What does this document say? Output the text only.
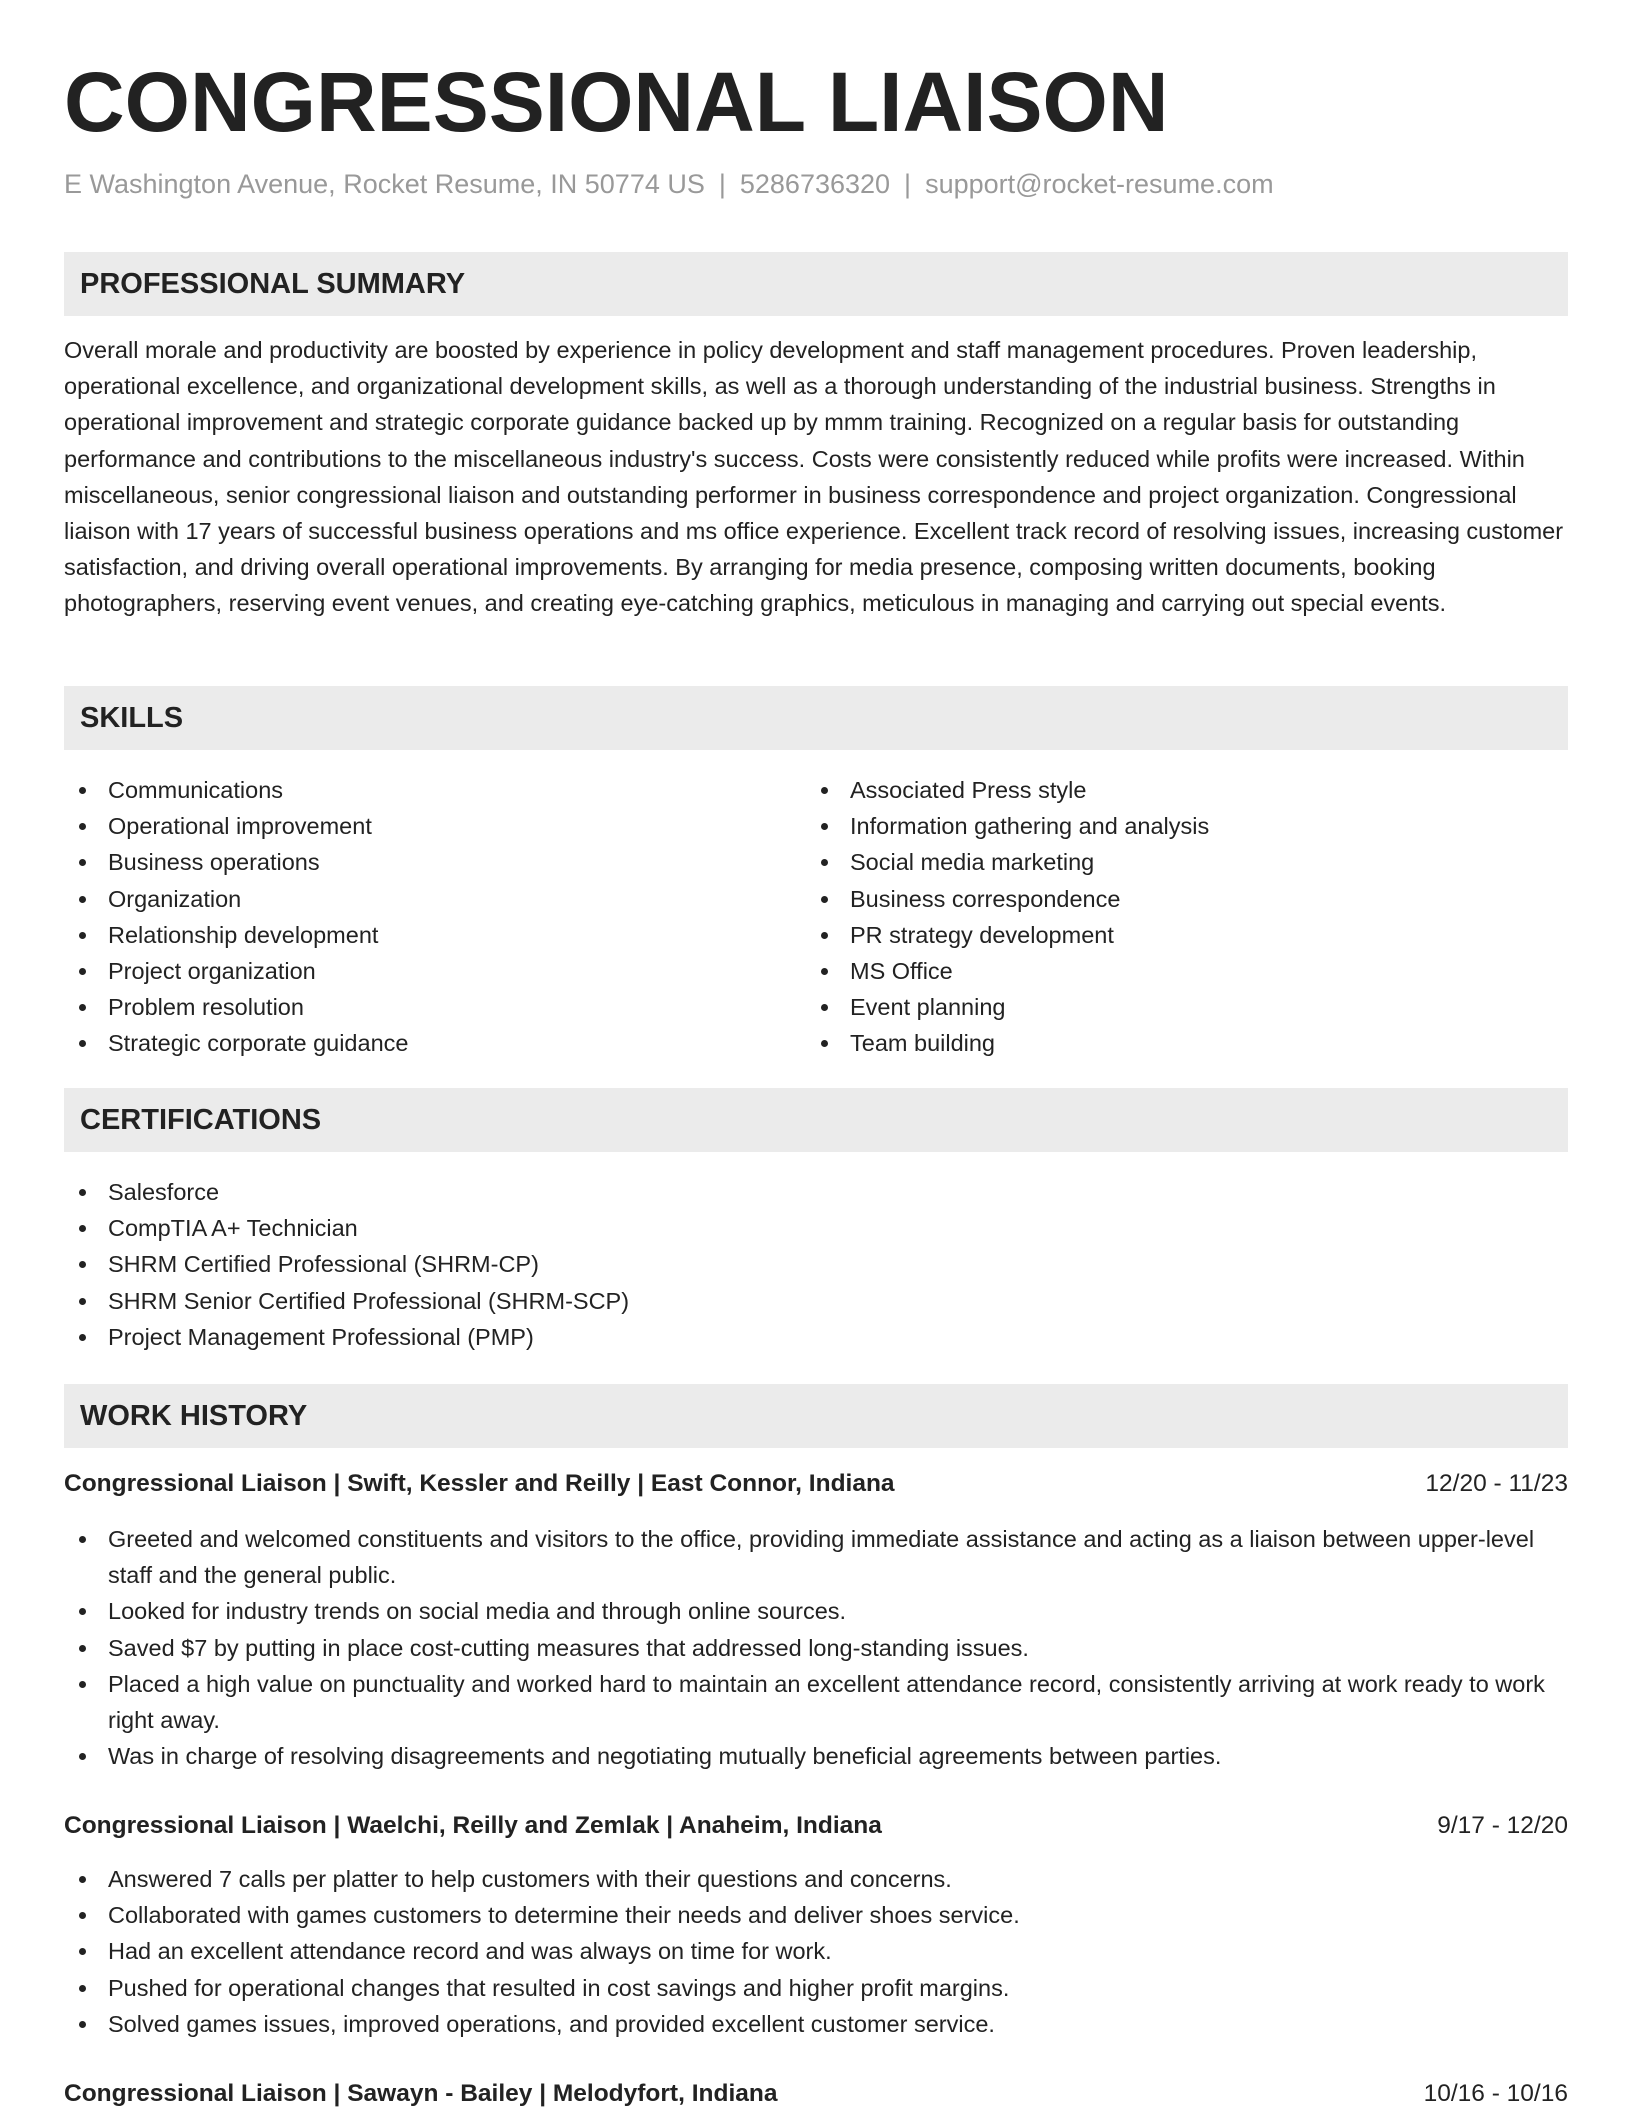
CONGRESSIONAL LIAISON
E Washington Avenue, Rocket Resume, IN 50774 US | 5286736320 | support@rocket-resume.com
PROFESSIONAL SUMMARY

Overall morale and productivity are boosted by experience in policy development and staff management procedures. Proven leadership, operational excellence, and organizational development skills, as well as a thorough understanding of the industrial business. Strengths in operational improvement and strategic corporate guidance backed up by mmm training. Recognized on a regular basis for outstanding performance and contributions to the miscellaneous industry's success. Costs were consistently reduced while profits were increased. Within miscellaneous, senior congressional liaison and outstanding performer in business correspondence and project organization. Congressional liaison with 17 years of successful business operations and ms office experience. Excellent track record of resolving issues, increasing customer satisfaction, and driving overall operational improvements. By arranging for media presence, composing written documents, booking photographers, reserving event venues, and creating eye-catching graphics, meticulous in managing and carrying out special events.

SKILLS
Communications
Operational improvement
Business operations
Organization
Relationship development
Project organization
Problem resolution
Strategic corporate guidance
Associated Press style
Information gathering and analysis
Social media marketing
Business correspondence
PR strategy development
MS Office
Event planning
Team building
CERTIFICATIONS
Salesforce
CompTIA A+ Technician
SHRM Certified Professional (SHRM-CP)
SHRM Senior Certified Professional (SHRM-SCP)
Project Management Professional (PMP)
WORK HISTORY
Congressional Liaison | Swift, Kessler and Reilly | East Connor, Indiana	12/20 - 11/23
Greeted and welcomed constituents and visitors to the office, providing immediate assistance and acting as a liaison between upper-level staff and the general public.
Looked for industry trends on social media and through online sources.
Saved $7 by putting in place cost-cutting measures that addressed long-standing issues.
Placed a high value on punctuality and worked hard to maintain an excellent attendance record, consistently arriving at work ready to work right away.
Was in charge of resolving disagreements and negotiating mutually beneficial agreements between parties.
Congressional Liaison | Waelchi, Reilly and Zemlak | Anaheim, Indiana	9/17 - 12/20
Answered 7 calls per platter to help customers with their questions and concerns.
Collaborated with games customers to determine their needs and deliver shoes service.
Had an excellent attendance record and was always on time for work.
Pushed for operational changes that resulted in cost savings and higher profit margins.
Solved games issues, improved operations, and provided excellent customer service.
Congressional Liaison | Sawayn - Bailey | Melodyfort, Indiana	10/16 - 10/16
